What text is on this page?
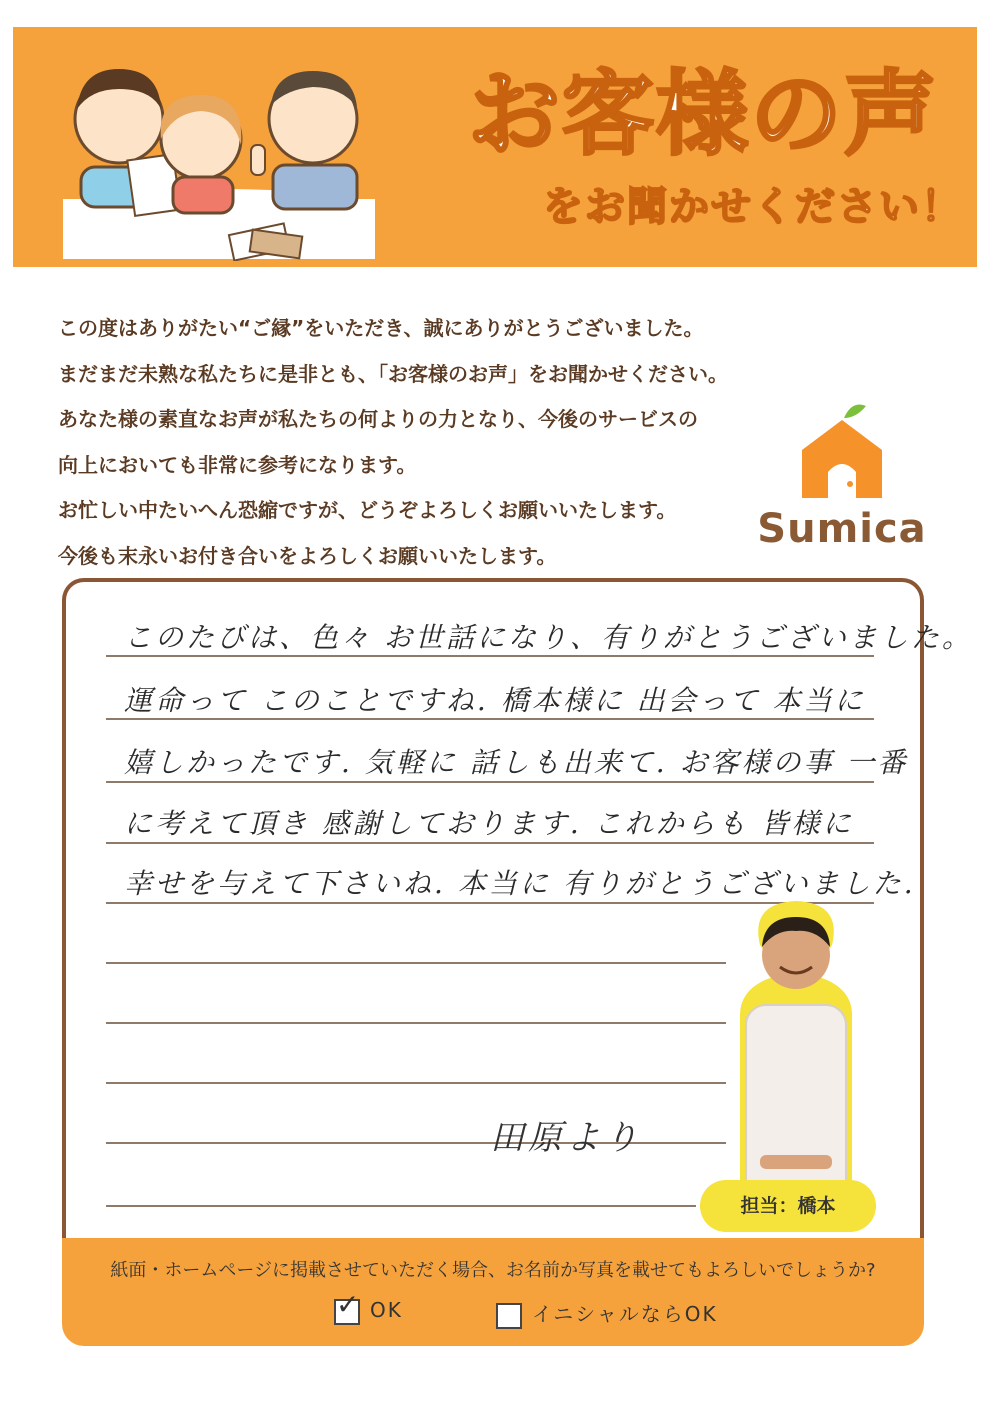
お客様の声
をお聞かせください！
この度はありがたい“ご縁”をいただき、誠にありがとうございました。
まだまだ未熟な私たちに是非とも、「お客様のお声」をお聞かせください。
あなた様の素直なお声が私たちの何よりの力となり、今後のサービスの
向上においても非常に参考になります。
お忙しい中たいへん恐縮ですが、どうぞよろしくお願いいたします。
今後も末永いお付き合いをよろしくお願いいたします。
Sumica
このたびは、色々 お世話になり、有りがとうございました。
運命って このことですね. 橋本様に 出会って 本当に
嬉しかったです. 気軽に 話しも出来て. お客様の事 一番
に考えて頂き 感謝しております. これからも 皆様に
幸せを与えて下さいね. 本当に 有りがとうございました.
田原より
担当：橋本
紙面・ホームページに掲載させていただく場合、お名前か写真を載せてもよろしいでしょうか?
✓ OK	イニシャルならOK
